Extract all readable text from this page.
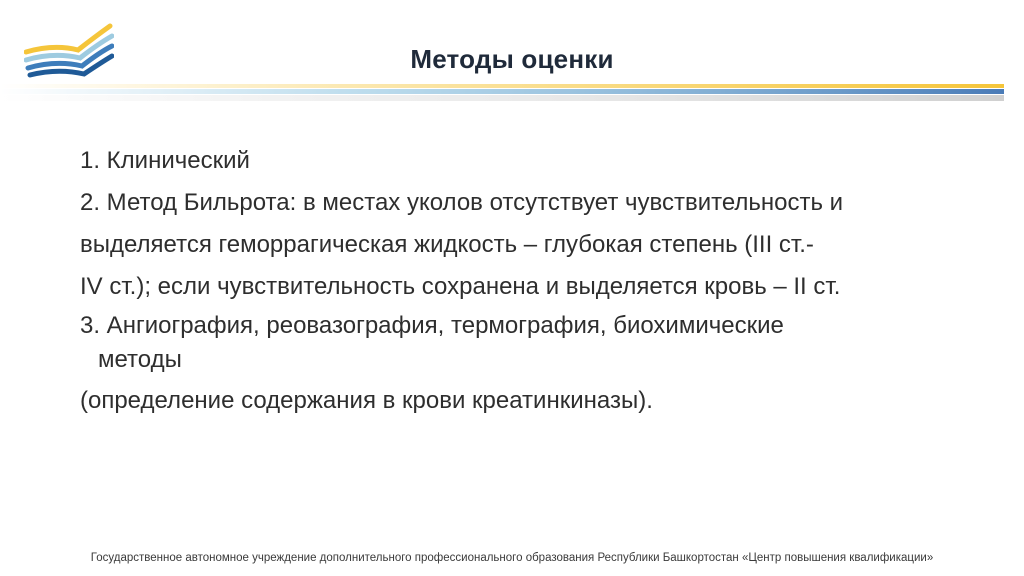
Методы оценки
1. Клинический
2. Метод Бильрота: в местах уколов отсутствует чувствительность и
выделяется геморрагическая жидкость – глубокая степень (III ст.-
IV ст.); если чувствительность сохранена и выделяется кровь – II ст.
3. Ангиография, реовазография, термография, биохимические
методы
(определение содержания в крови креатинкиназы).
Государственное автономное учреждение дополнительного профессионального образования Республики Башкортостан «Центр повышения квалификации»
